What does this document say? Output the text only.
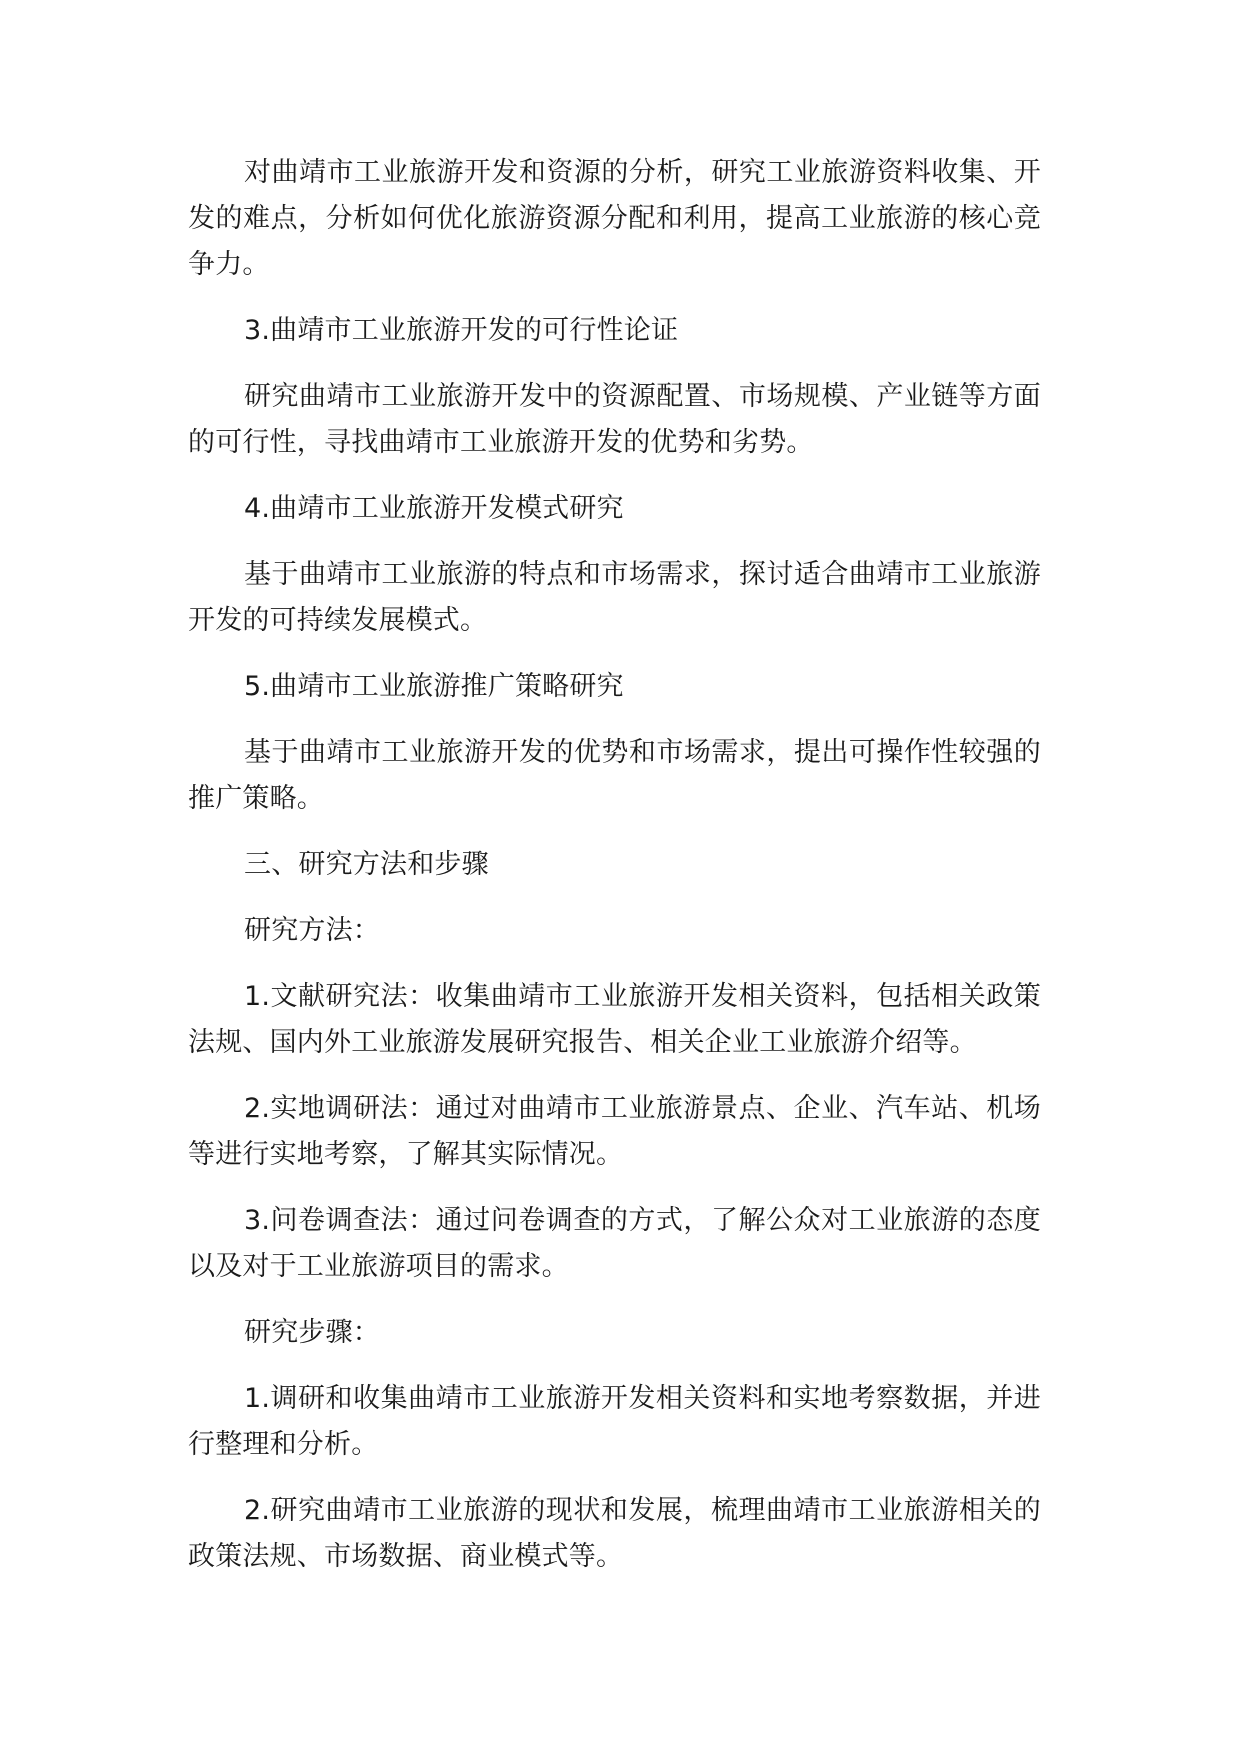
对曲靖市工业旅游开发和资源的分析，研究工业旅游资料收集、开发的难点，分析如何优化旅游资源分配和利用，提高工业旅游的核心竞争力。

3.曲靖市工业旅游开发的可行性论证

研究曲靖市工业旅游开发中的资源配置、市场规模、产业链等方面的可行性，寻找曲靖市工业旅游开发的优势和劣势。

4.曲靖市工业旅游开发模式研究

基于曲靖市工业旅游的特点和市场需求，探讨适合曲靖市工业旅游开发的可持续发展模式。

5.曲靖市工业旅游推广策略研究

基于曲靖市工业旅游开发的优势和市场需求，提出可操作性较强的推广策略。

三、研究方法和步骤

研究方法：

1.文献研究法：收集曲靖市工业旅游开发相关资料，包括相关政策法规、国内外工业旅游发展研究报告、相关企业工业旅游介绍等。

2.实地调研法：通过对曲靖市工业旅游景点、企业、汽车站、机场等进行实地考察，了解其实际情况。

3.问卷调查法：通过问卷调查的方式，了解公众对工业旅游的态度以及对于工业旅游项目的需求。

研究步骤：

1.调研和收集曲靖市工业旅游开发相关资料和实地考察数据，并进行整理和分析。

2.研究曲靖市工业旅游的现状和发展，梳理曲靖市工业旅游相关的政策法规、市场数据、商业模式等。
